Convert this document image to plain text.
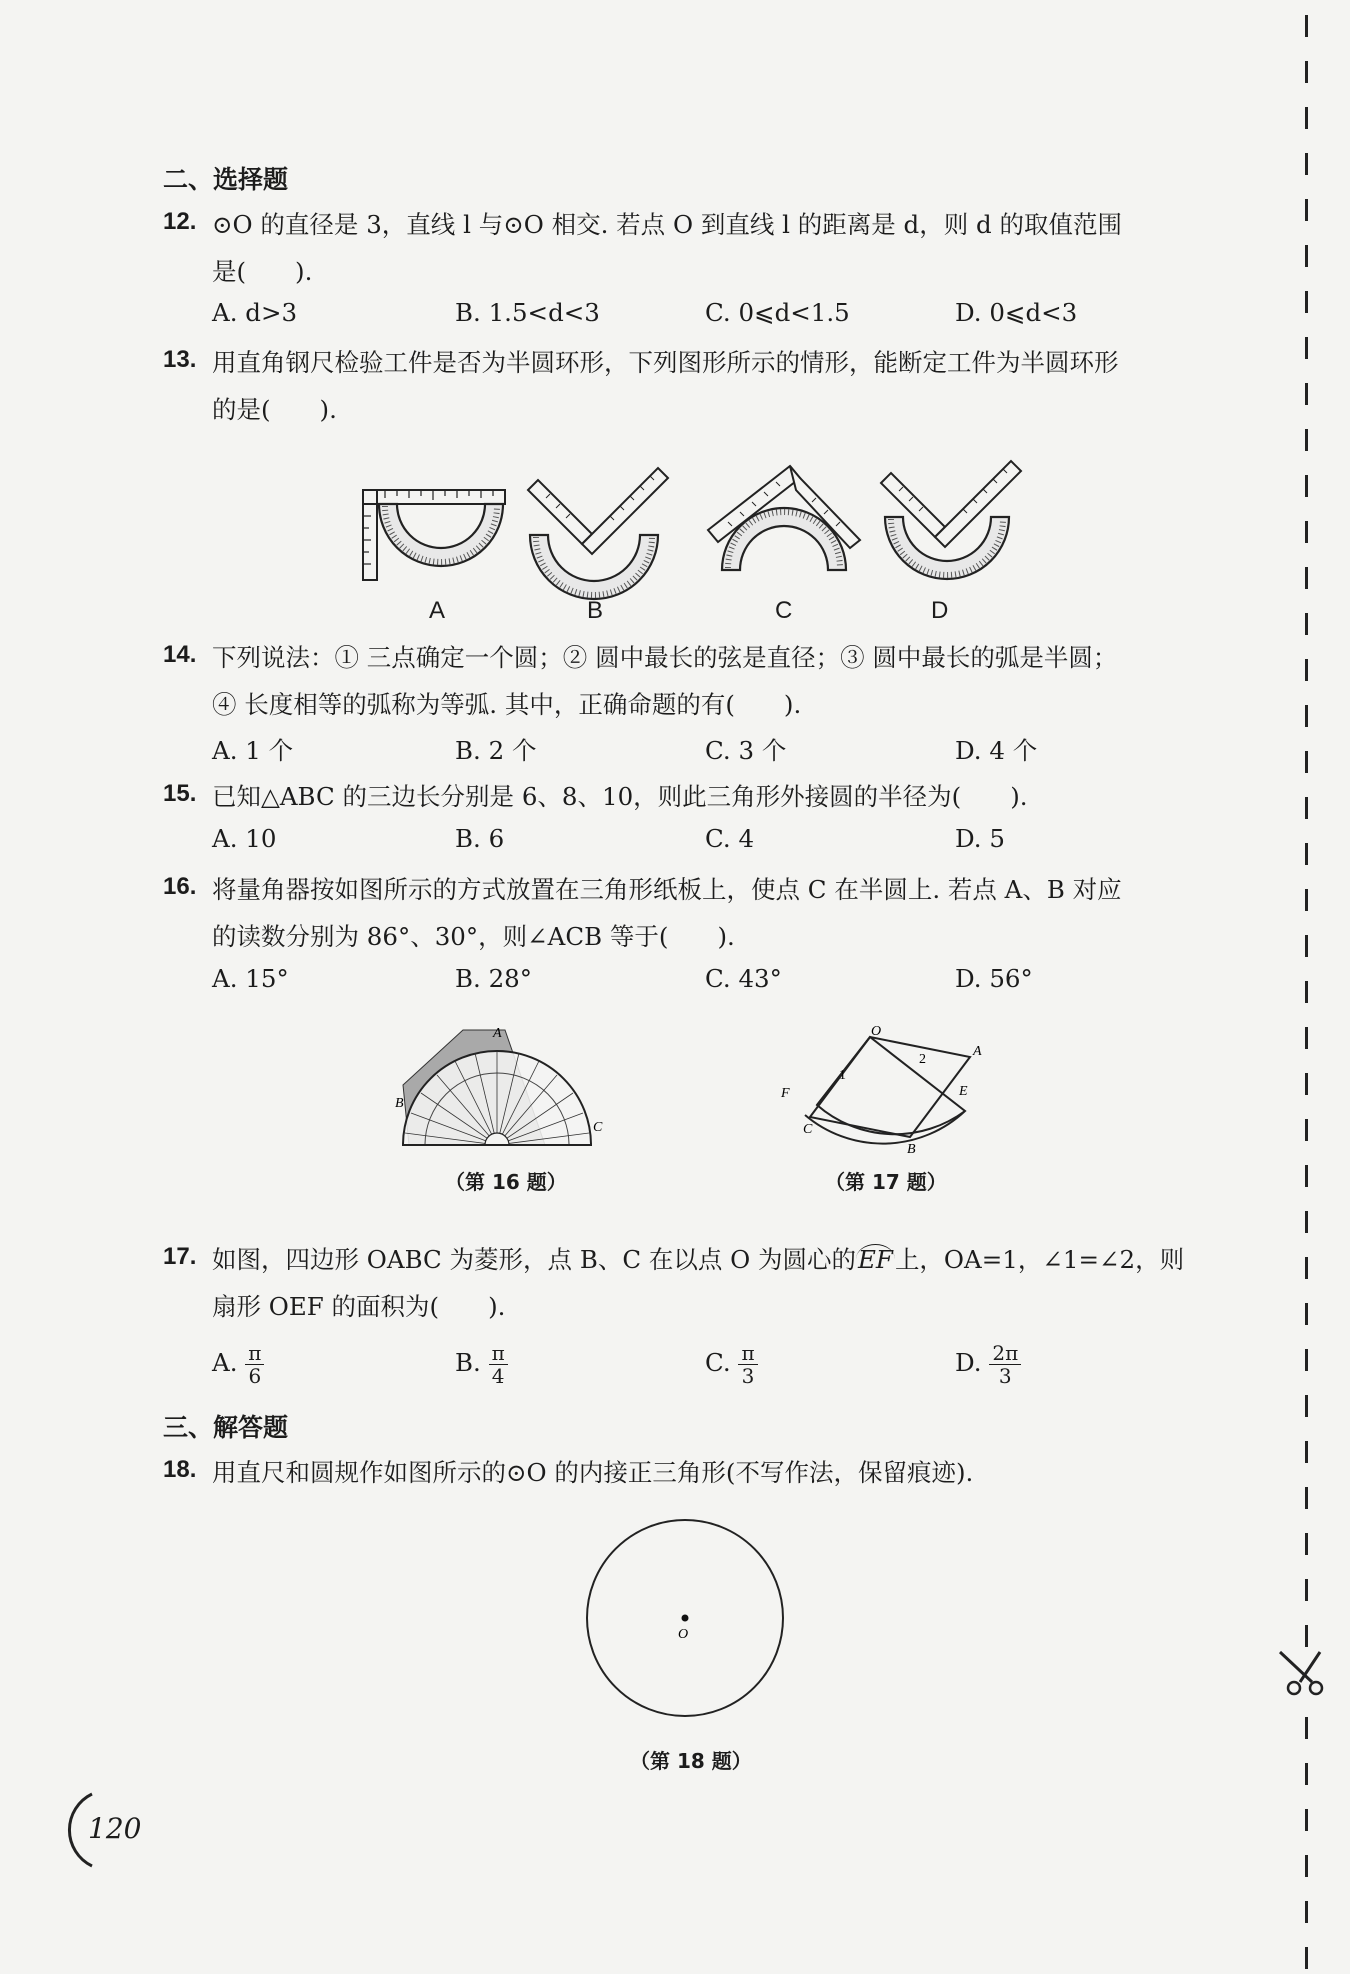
二、选择题
12. ⊙O 的直径是 3，直线 l 与⊙O 相交. 若点 O 到直线 l 的距离是 d，则 d 的取值范围
是(　　).
A. d>3	B. 1.5<d<3	C. 0⩽d<1.5	D. 0⩽d<3
13. 用直角钢尺检验工件是否为半圆环形，下列图形所示的情形，能断定工件为半圆环形
的是(　　).
A	B	C	D
14. 下列说法：① 三点确定一个圆；② 圆中最长的弦是直径；③ 圆中最长的弧是半圆；
④ 长度相等的弧称为等弧. 其中，正确命题的有(　　).
A. 1 个	B. 2 个	C. 3 个	D. 4 个
15. 已知△ABC 的三边长分别是 6、8、10，则此三角形外接圆的半径为(　　).
A. 10	B. 6	C. 4	D. 5
16. 将量角器按如图所示的方式放置在三角形纸板上，使点 C 在半圆上. 若点 A、B 对应
的读数分别为 86°、30°，则∠ACB 等于(　　).
A. 15°	B. 28°	C. 43°	D. 56°
A
B
C
（第 16 题）
O
A
E
B
C
F
1
2
（第 17 题）
17. 如图，四边形 OABC 为菱形，点 B、C 在以点 O 为圆心的EF上，OA=1，∠1=∠2，则
扇形 OEF 的面积为(　　).
A. $\frac{\pi}{6}$	B. $\frac{\pi}{4}$	C. $\frac{\pi}{3}$	D. $\frac{2\pi}{3}$
三、解答题
18. 用直尺和圆规作如图所示的⊙O 的内接正三角形(不写作法，保留痕迹).
O
（第 18 题）
120
